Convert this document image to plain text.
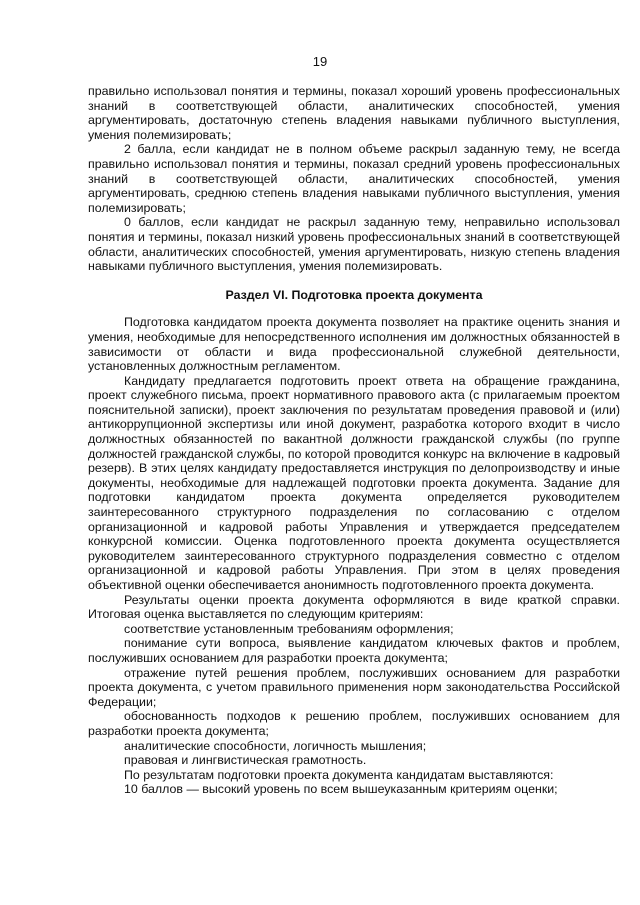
19

правильно использовал понятия и термины, показал хороший уровень профессиональных знаний в соответствующей области, аналитических способностей, умения аргументировать, достаточную степень владения навыками публичного выступления, умения полемизировать;

2 балла, если кандидат не в полном объеме раскрыл заданную тему, не всегда правильно использовал понятия и термины, показал средний уровень профессиональных знаний в соответствующей области, аналитических способностей, умения аргументировать, среднюю степень владения навыками публичного выступления, умения полемизировать;

0 баллов, если кандидат не раскрыл заданную тему, неправильно использовал понятия и термины, показал низкий уровень профессиональных знаний в соответствующей области, аналитических способностей, умения аргументировать, низкую степень владения навыками публичного выступления, умения полемизировать.

Раздел VI. Подготовка проекта документа

Подготовка кандидатом проекта документа позволяет на практике оценить знания и умения, необходимые для непосредственного исполнения им должностных обязанностей в зависимости от области и вида профессиональной служебной деятельности, установленных должностным регламентом.

Кандидату предлагается подготовить проект ответа на обращение гражданина, проект служебного письма, проект нормативного правового акта (с прилагаемым проектом пояснительной записки), проект заключения по результатам проведения правовой и (или) антикоррупционной экспертизы или иной документ, разработка которого входит в число должностных обязанностей по вакантной должности гражданской службы (по группе должностей гражданской службы, по которой проводится конкурс на включение в кадровый резерв). В этих целях кандидату предоставляется инструкция по делопроизводству и иные документы, необходимые для надлежащей подготовки проекта документа. Задание для подготовки кандидатом проекта документа определяется руководителем заинтересованного структурного подразделения по согласованию с отделом организационной и кадровой работы Управления и утверждается председателем конкурсной комиссии. Оценка подготовленного проекта документа осуществляется руководителем заинтересованного структурного подразделения совместно с отделом организационной и кадровой работы Управления. При этом в целях проведения объективной оценки обеспечивается анонимность подготовленного проекта документа.

Результаты оценки проекта документа оформляются в виде краткой справки. Итоговая оценка выставляется по следующим критериям:

соответствие установленным требованиям оформления;

понимание сути вопроса, выявление кандидатом ключевых фактов и проблем, послуживших основанием для разработки проекта документа;

отражение путей решения проблем, послуживших основанием для разработки проекта документа, с учетом правильного применения норм законодательства Российской Федерации;

обоснованность подходов к решению проблем, послуживших основанием для разработки проекта документа;

аналитические способности, логичность мышления;

правовая и лингвистическая грамотность.

По результатам подготовки проекта документа кандидатам выставляются:

10 баллов — высокий уровень по всем вышеуказанным критериям оценки;
